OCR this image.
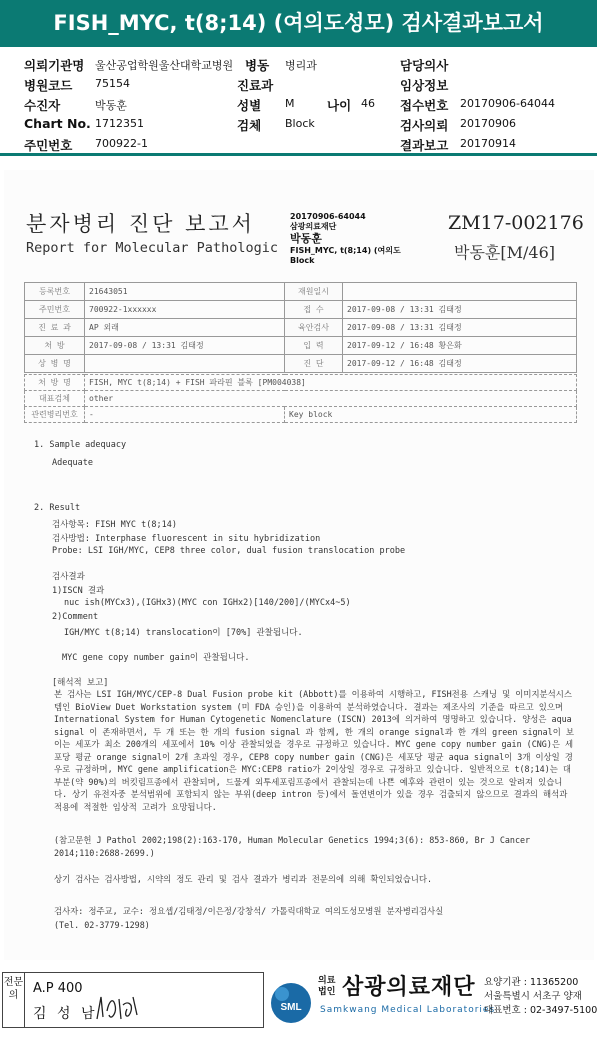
FISH_MYC, t(8;14) (여의도성모) 검사결과보고서
의뢰기관명 울산공업학원울산대학교병원 병동 병리과	담당의사
병원코드 75154	진료과	임상정보
수진자	박동훈	성별 M	나이 46 접수번호 20170906-64044
Chart No. 1712351	검체 Block	검사의뢰 20170906
주민번호 700922-1	결과보고 20170914
분자병리 진단 보고서
Report for Molecular Pathologic
20170906-64044
삼광의료재단
박동훈
FISH_MYC, t(8;14) (여의도
Block
ZM17-002176
박동훈[M/46]
등록번호	21643051	재원일시	
주민번호	700922-1xxxxxx	접 수	2017-09-08 / 13:31 김태정
진 료 과	AP 외래	육안검사	2017-09-08 / 13:31 김태정
처 방	2017-09-08 / 13:31 김태정	입 력	2017-09-12 / 16:48 황은화
상 병 명		진 단	2017-09-12 / 16:48 김태정
처 방 명	FISH, MYC t(8;14) + FISH 파라핀 블록 [PM004038]	
대표검체	other	
관련병리번호	-	Key block
1. Sample adequacy
Adequate
2. Result
검사항목: FISH MYC t(8;14)
검사방법: Interphase fluorescent in situ hybridization
Probe: LSI IGH/MYC, CEP8 three color, dual fusion translocation probe
검사결과
1)ISCN 결과
nuc ish(MYCx3),(IGHx3)(MYC con IGHx2)[140/200]/(MYCx4~5)
2)Comment
IGH/MYC t(8;14) translocation이 [70%] 관찰됩니다.
MYC gene copy number gain이 관찰됩니다.
[해석적 보고]
본 검사는 LSI IGH/MYC/CEP-8 Dual Fusion probe kit (Abbott)를 이용하여 시행하고, FISH전용 스캐닝 및 이미지분석시스템인 BioView Duet Workstation system (미 FDA 승인)을 이용하여 분석하였습니다. 결과는 제조사의 기준을 따르고 있으며 International System for Human Cytogenetic Nomenclature (ISCN) 2013에 의거하여 명명하고 있습니다. 양성은 aqua signal 이 존재하면서, 두 개 또는 한 개의 fusion signal 과 함께, 한 개의 orange signal과 한 개의 green signal이 보이는 세포가 최소 200개의 세포에서 10% 이상 관찰되었을 경우로 규정하고 있습니다. MYC gene copy number gain (CNG)은 세포당 평균 orange signal이 2개 초과일 경우, CEP8 copy number gain (CNG)은 세포당 평균 aqua signal이 3개 이상일 경우로 규정하며, MYC gene amplification은 MYC:CEP8 ratio가 2이상일 경우로 규정하고 있습니다. 일반적으로 t(8;14)는 대부분(약 90%)의 버킷림프종에서 관찰되며, 드물게 외투세포림프종에서 관찰되는데 나쁜 예후와 관련이 있는 것으로 알려져 있습니다. 상기 유전자중 분석범위에 포함되지 않는 부위(deep intron 등)에서 돌연변이가 있을 경우 검출되지 않으므로 결과의 해석과 적용에 적절한 임상적 고려가 요망됩니다.
(참고문헌 J Pathol 2002;198(2):163-170, Human Molecular Genetics 1994;3(6): 853-860, Br J Cancer 2014;110:2688-2699.)
상기 검사는 검사방법, 시약의 정도 관리 및 검사 결과가 병리과 전문의에 의해 확인되었습니다.
검사자: 정주교, 교수: 정요셉/김태정/이은정/강창석/ 가톨릭대학교 여의도성모병원 분자병리검사실
(Tel. 02-3779-1298)
전문의	A.P 400
김 성 남	SML
의료
법인 삼광의료재단
Samkwang Medical Laboratories
요양기관 : 11365200
서울특별시 서초구 양재
대표번호 : 02-3497-5100
